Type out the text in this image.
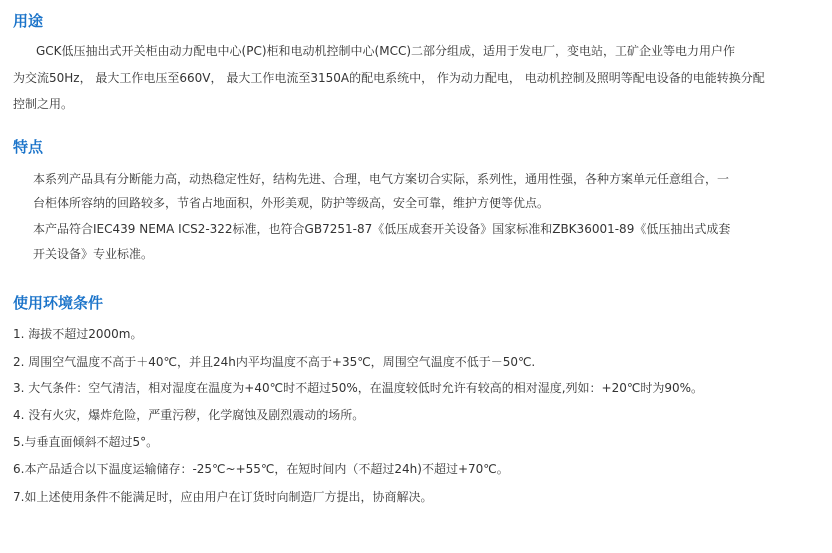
用途
GCK低压抽出式开关柜由动力配电中心(PC)柜和电动机控制中心(MCC)二部分组成，适用于发电厂，变电站，工矿企业等电力用户作
为交流50Hz， 最大工作电压至660V， 最大工作电流至3150A的配电系统中， 作为动力配电， 电动机控制及照明等配电设备的电能转换分配
控制之用。
特点
本系列产品具有分断能力高，动热稳定性好，结构先进、合理，电气方案切合实际，系列性，通用性强，各种方案单元任意组合，一
台柜体所容纳的回路较多，节省占地面积，外形美观，防护等级高，安全可靠，维护方便等优点。
本产品符合IEC439 NEMA ICS2-322标准，也符合GB7251-87《低压成套开关设备》国家标准和ZBK36001-89《低压抽出式成套
开关设备》专业标准。
使用环境条件
1. 海拔不超过2000m。
2. 周围空气温度不高于＋40℃，并且24h内平均温度不高于+35℃，周围空气温度不低于－50℃.
3. 大气条件：空气清洁，相对湿度在温度为+40℃时不超过50%，在温度较低时允许有较高的相对湿度,列如：+20℃时为90%。
4. 没有火灾，爆炸危险，严重污秽，化学腐蚀及剧烈震动的场所。
5.与垂直面倾斜不超过5°。
6.本产品适合以下温度运输储存：-25℃~+55℃，在短时间内（不超过24h)不超过+70℃。
7.如上述使用条件不能满足时，应由用户在订货时向制造厂方提出，协商解决。
